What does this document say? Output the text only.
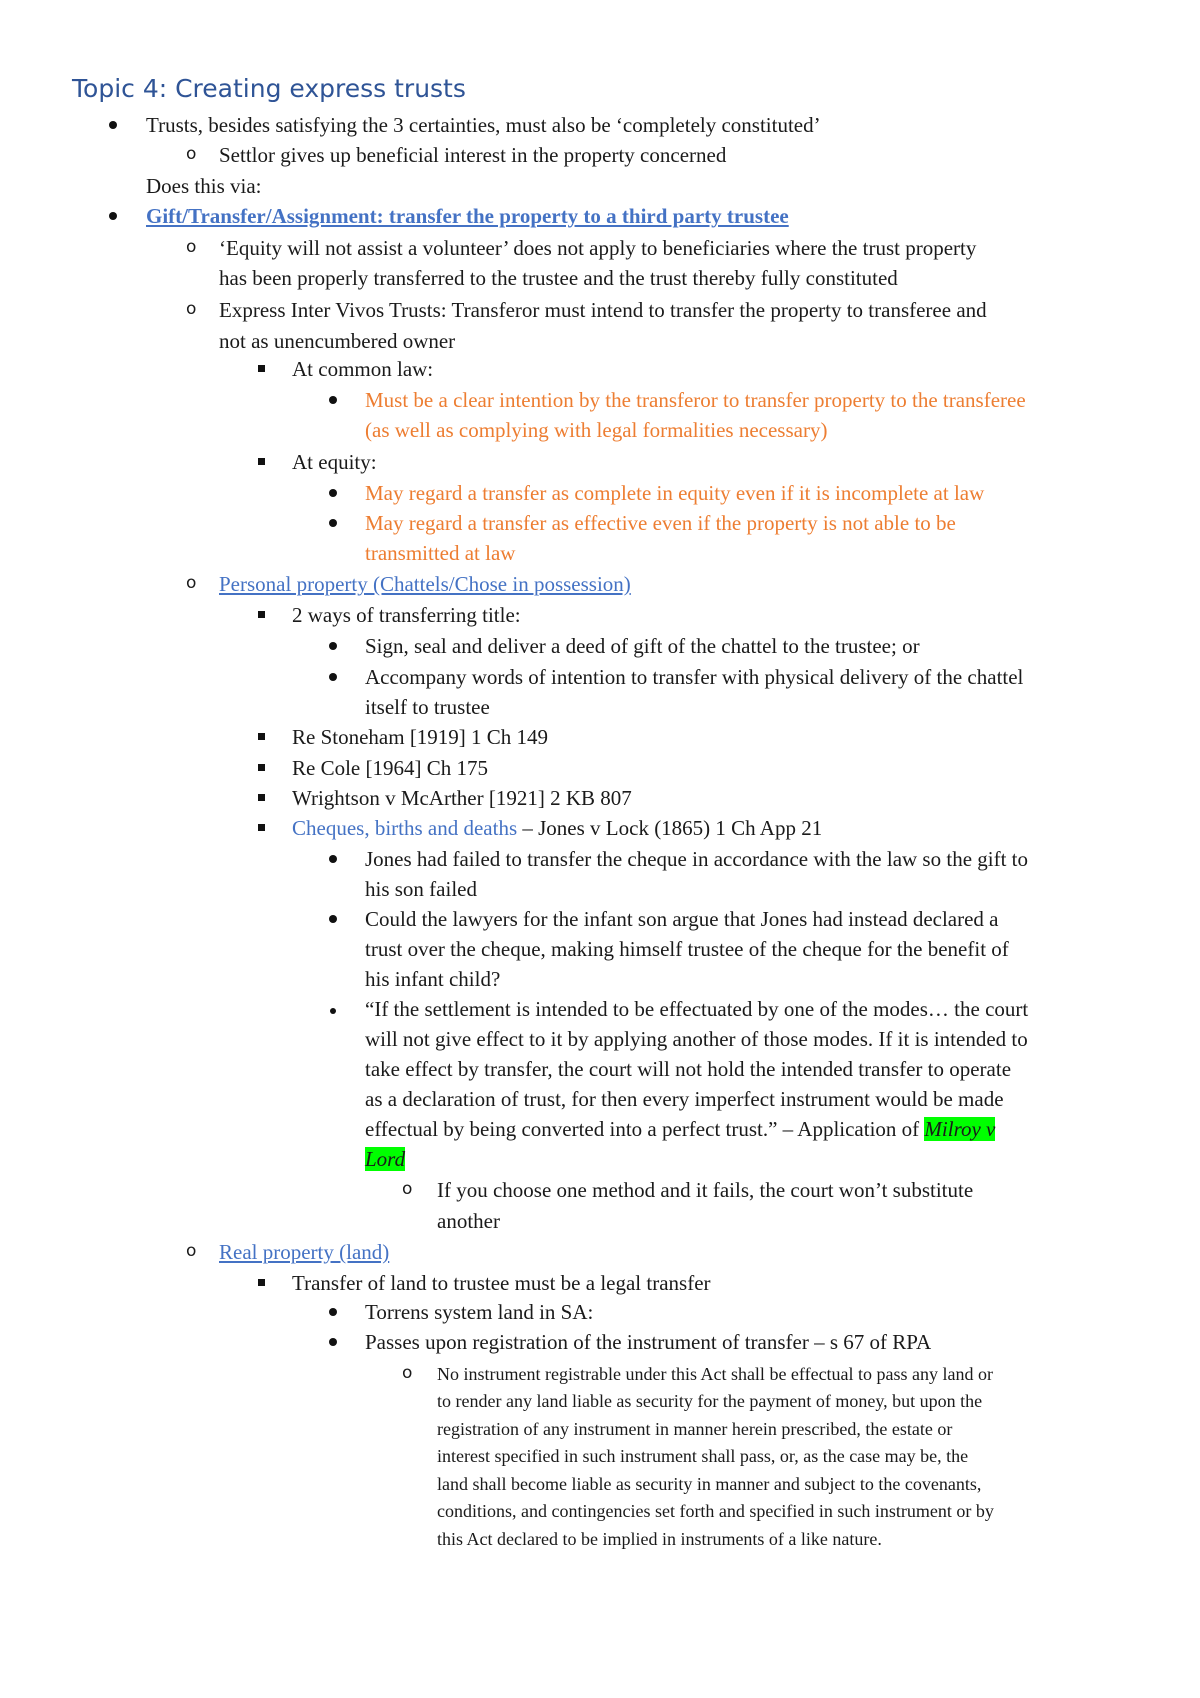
Topic 4: Creating express trusts
Trusts, besides satisfying the 3 certainties, must also be ‘completely constituted’
o Settlor gives up beneficial interest in the property concerned
Does this via:
Gift/Transfer/Assignment: transfer the property to a third party trustee
o ‘Equity will not assist a volunteer’ does not apply to beneficiaries where the trust property
has been properly transferred to the trustee and the trust thereby fully constituted
o Express Inter Vivos Trusts: Transferor must intend to transfer the property to transferee and
not as unencumbered owner
At common law:
Must be a clear intention by the transferor to transfer property to the transferee
(as well as complying with legal formalities necessary)
At equity:
May regard a transfer as complete in equity even if it is incomplete at law
May regard a transfer as effective even if the property is not able to be
transmitted at law
o Personal property (Chattels/Chose in possession)
2 ways of transferring title:
Sign, seal and deliver a deed of gift of the chattel to the trustee; or
Accompany words of intention to transfer with physical delivery of the chattel
itself to trustee
Re Stoneham [1919] 1 Ch 149
Re Cole [1964] Ch 175
Wrightson v McArther [1921] 2 KB 807
Cheques, births and deaths – Jones v Lock (1865) 1 Ch App 21
Jones had failed to transfer the cheque in accordance with the law so the gift to
his son failed
Could the lawyers for the infant son argue that Jones had instead declared a
trust over the cheque, making himself trustee of the cheque for the benefit of
his infant child?
“If the settlement is intended to be effectuated by one of the modes… the court
will not give effect to it by applying another of those modes. If it is intended to
take effect by transfer, the court will not hold the intended transfer to operate
as a declaration of trust, for then every imperfect instrument would be made
effectual by being converted into a perfect trust.” – Application of Milroy v
Lord
o If you choose one method and it fails, the court won’t substitute
another
o Real property (land)
Transfer of land to trustee must be a legal transfer
Torrens system land in SA:
Passes upon registration of the instrument of transfer – s 67 of RPA
o No instrument registrable under this Act shall be effectual to pass any land or
to render any land liable as security for the payment of money, but upon the
registration of any instrument in manner herein prescribed, the estate or
interest specified in such instrument shall pass, or, as the case may be, the
land shall become liable as security in manner and subject to the covenants,
conditions, and contingencies set forth and specified in such instrument or by
this Act declared to be implied in instruments of a like nature.
